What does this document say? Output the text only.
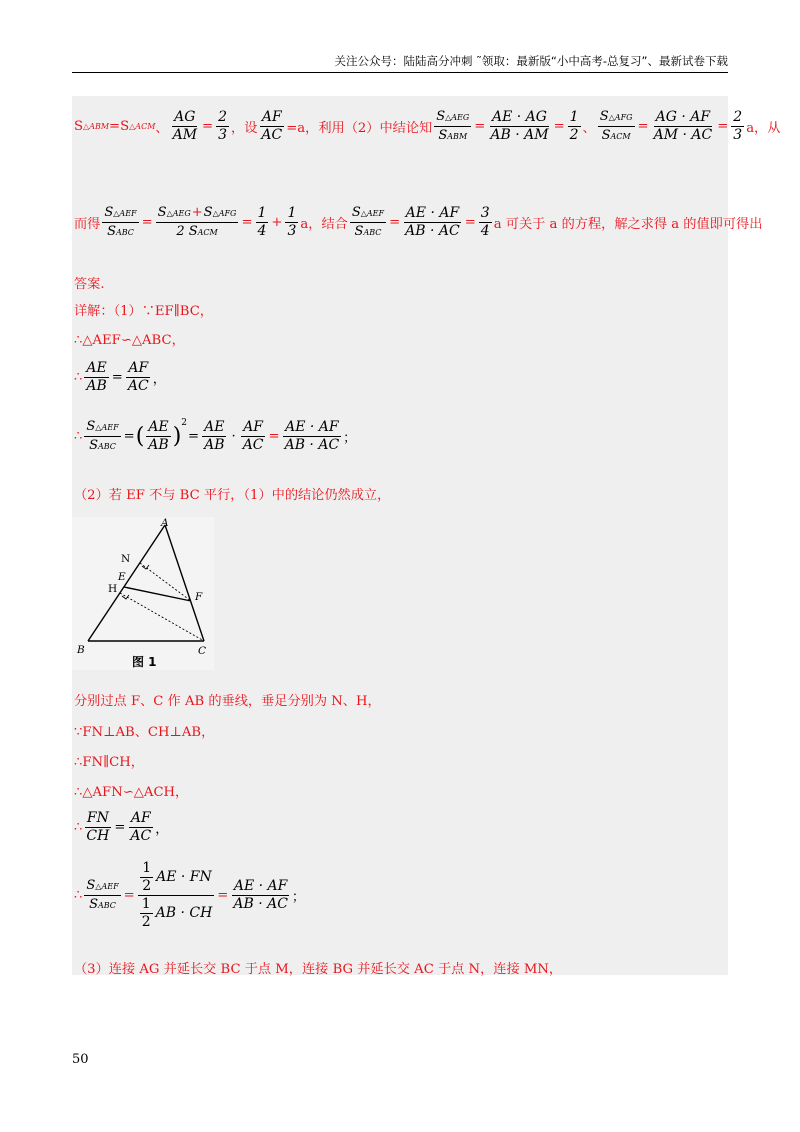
关注公众号：陆陆高分冲刺 ˜领取：最新版“小中高考-总复习”、最新试卷下载
S △ABM =S △ACM 、 $\frac{AG}{AM} = \frac{2}{3}$ ，设 $\frac{AF}{AC} =a$，利用（2）中结论知 $\frac{\text{S△AEG}}{\text{SABM}} = \frac{AE \cdot AG}{AB \cdot AM} = \frac{1}{2}$ 、 $\frac{\text{S△AFG}}{\text{SACM}} = \frac{AG \cdot AF}{AM \cdot AC} = \frac{2}{3}$ a，从
而得 $\frac{\text{S△AEF}}{\text{SABC}} = \frac{\text{S△AEG+S△AFG}}{\text{2 SACM}} = \frac{1}{4} + \frac{1}{3}$ a，结合 $\frac{\text{S△AEF}}{\text{SABC}} = \frac{AE \cdot AF}{AB \cdot AC} = \frac{3}{4}$ a 可关于 a 的方程，解之求得 a 的值即可得出
答案.
详解：（1）∵EF∥BC，
∴△AEF∽△ABC，
∴ $\frac{AE}{AB} = \frac{AF}{AC}$ ，
∴ $\frac{\text{S△AEF}}{\text{SABC}}$ = ( $\frac{AE}{AB}$ )
2
= $\frac{AE}{AB} \cdot \frac{AF}{AC} = \frac{AE \cdot AF}{AB \cdot AC}$ ；
（2）若 EF 不与 BC 平行，（1）中的结论仍然成立，
分别过点 F、C 作 AB 的垂线，垂足分别为 N、H，
∵FN⊥AB、CH⊥AB，
∴FN∥CH，
∴△AFN∽△ACH，
∴ $\frac{FN}{CH} = \frac{AF}{AC}$ ，
∴ $\frac{\text{S△AEF}}{\text{SABC}} = \frac{\frac{1}{2} AE \cdot FN}{\frac{1}{2} AB \cdot CH} = \frac{AE \cdot AF}{AB \cdot AC}$ ；
（3）连接 AG 并延长交 BC 于点 M，连接 BG 并延长交 AC 于点 N，连接 MN，
A
N
E
H
F
B	C
图 1
50
